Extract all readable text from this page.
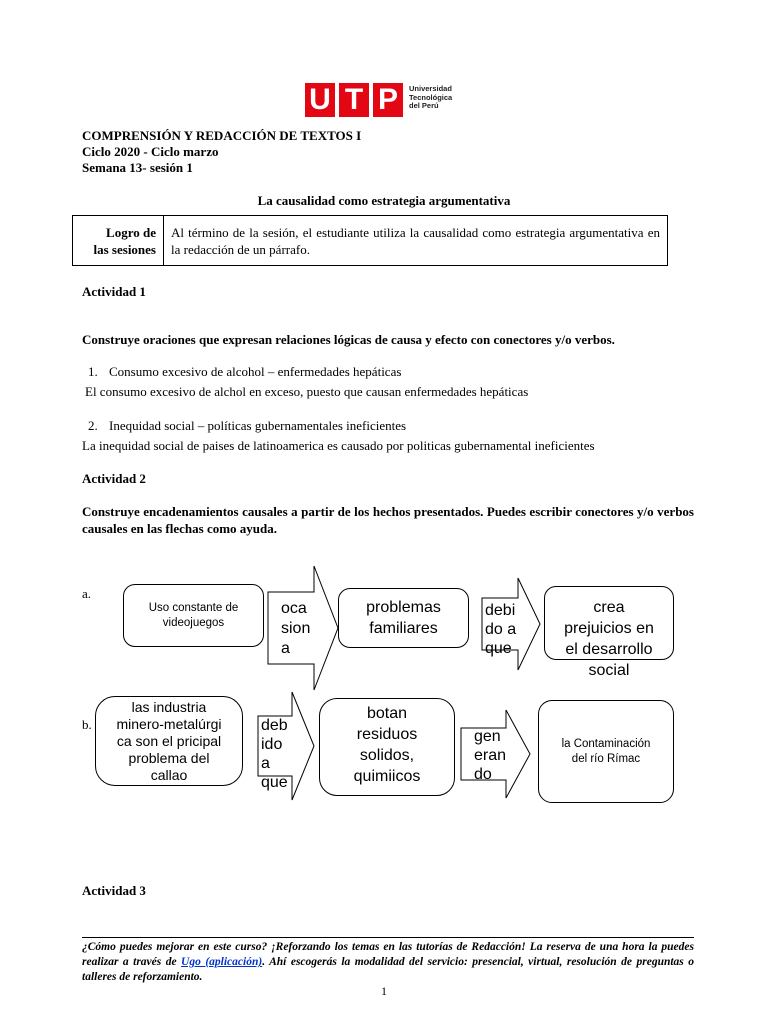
U T P	Universidad
Tecnológica
del Perú
COMPRENSIÓN Y REDACCIÓN DE TEXTOS I
Ciclo 2020 - Ciclo marzo
Semana 13- sesión 1
La causalidad como estrategia argumentativa
Logro de
las sesiones
	Al término de la sesión, el estudiante utiliza la causalidad como estrategia argumentativa en la redacción de un párrafo.
Actividad 1
Construye oraciones que expresan relaciones lógicas de causa y efecto con conectores y/o verbos.
1. Consumo excesivo de alcohol – enfermedades hepáticas
El consumo excesivo de alchol en exceso, puesto que causan enfermedades hepáticas
2. Inequidad social – políticas gubernamentales ineficientes
La inequidad social de paises de latinoamerica es causado por politicas gubernamental ineficientes
Actividad 2
Construye encadenamientos causales a partir de los hechos presentados. Puedes escribir conectores y/o verbos causales en las flechas como ayuda.
a.
Uso constante de videojuegos
oca
sion
a
problemas
familiares
debi
do a
que
crea
prejuicios en
el desarrollo
social
b.
las industria
minero-metalúrgi
ca son el pricipal
problema del
callao
deb
ido
a
que
botan
residuos
solidos,
quimiicos
gen
eran
do
la Contaminación
del río Rímac
Actividad 3
¿Cómo puedes mejorar en este curso? ¡Reforzando los temas en las tutorías de Redacción! La reserva de una hora la puedes realizar a través de Ugo (aplicación). Ahí escogerás la modalidad del servicio: presencial, virtual, resolución de preguntas o talleres de reforzamiento.
1
